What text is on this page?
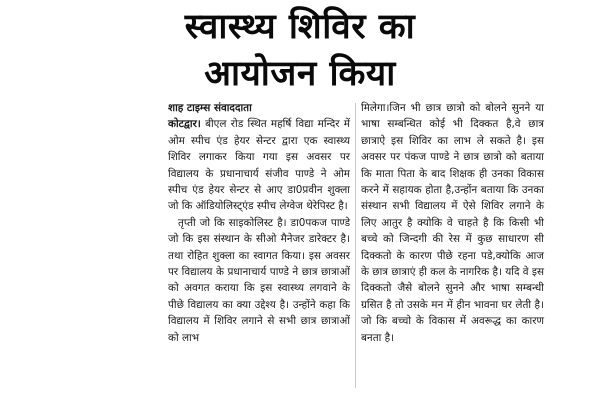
स्वास्थ्य शिविर का
आयोजन किया

शाह टाइम्स संवाददाता
कोटद्वार। बीएल रोड स्थित महर्षि विद्या मन्दिर में ओम स्पीच एंड हेयर सेन्टर द्वारा एक स्वास्थ्य शिविर लगाकर किया गया इस अवसर पर विद्यालय के प्रधानाचार्य संजीव पाण्डे ने ओम स्पीच एंड हेयर सेन्टर से आए डा0प्रवीन शुक्ला जो कि ऑडियोलिस्ट्एंड स्पीच लेग्वेज थेरेपिस्ट है।

तृप्ती जो कि साइकोलिस्ट है। डा0पकज पाण्डे जो कि इस संस्थान के सीओ मैनेजर डारेक्टर है। तथा रोहित शुक्ला का स्वागत किया। इस अवसर पर विद्यालय के प्रधानाचार्य पाण्डे ने छात्र छात्राओं को अवगत कराया कि इस स्वास्थ्य लगवाने के पीछे विद्यालय का क्या उद्देश्य है। उन्होंने कहा कि विद्यालय में शिविर लगाने से सभी छात्र छात्राओं को लाभ

मिलेगा।जिन भी छात्र छात्रो को बोलने सुनने या भाषा सम्बन्धित कोई भी दिक्कत है,वे छात्र छात्राऐ इस शिविर का लाभ ले सकते है। इस अवसर पर पंकज पाण्डे ने छात्र छात्रो को बताया कि माता पिता के बाद शिक्षक ही उनका विकास करने में सहायक होता है,उन्होंन बताया कि उनका संस्थान सभी विद्यालय में ऐसे शिविर लगाने के लिए आतुर है क्योकि वे चाहते है कि किसी भी बच्चे को जिन्दगी की रेस में कुछ साधारण सी दिक्कतो के कारण पीछे रहना पडे,क्योकि आज के छात्र छात्राएं ही कल के नागरिक है। यदि वे इस दिक्कतो जैसे बोलने सुनने और भाषा सम्बन्धी ग्रसित है तो उसके मन में हीन भावना घर लेती है। जो कि बच्चो के विकास में अवरूद्ध का कारण बनता है।
